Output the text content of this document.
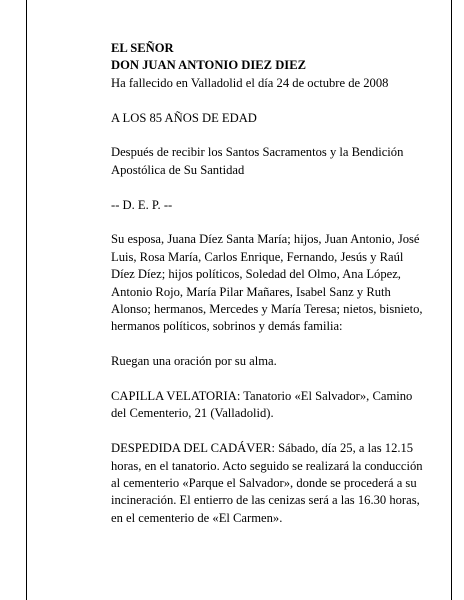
EL SEÑOR
DON JUAN ANTONIO DIEZ DIEZ

Ha fallecido en Valladolid el día 24 de octubre de 2008

A LOS 85 AÑOS DE EDAD

Después de recibir los Santos Sacramentos y la Bendición Apostólica de Su Santidad

-- D. E. P. --

Su esposa, Juana Díez Santa María; hijos, Juan Antonio, José Luis, Rosa María, Carlos Enrique, Fernando, Jesús y Raúl Díez Díez; hijos políticos, Soledad del Olmo, Ana López, Antonio Rojo, María Pilar Mañares, Isabel Sanz y Ruth Alonso; hermanos, Mercedes y María Teresa; nietos, bisnieto, hermanos políticos, sobrinos y demás familia:

Ruegan una oración por su alma.

CAPILLA VELATORIA: Tanatorio «El Salvador», Camino del Cementerio, 21 (Valladolid).

DESPEDIDA DEL CADÁVER: Sábado, día 25, a las 12.15 horas, en el tanatorio. Acto seguido se realizará la conducción al cementerio «Parque el Salvador», donde se procederá a su incineración. El entierro de las cenizas será a las 16.30 horas, en el cementerio de «El Carmen».
